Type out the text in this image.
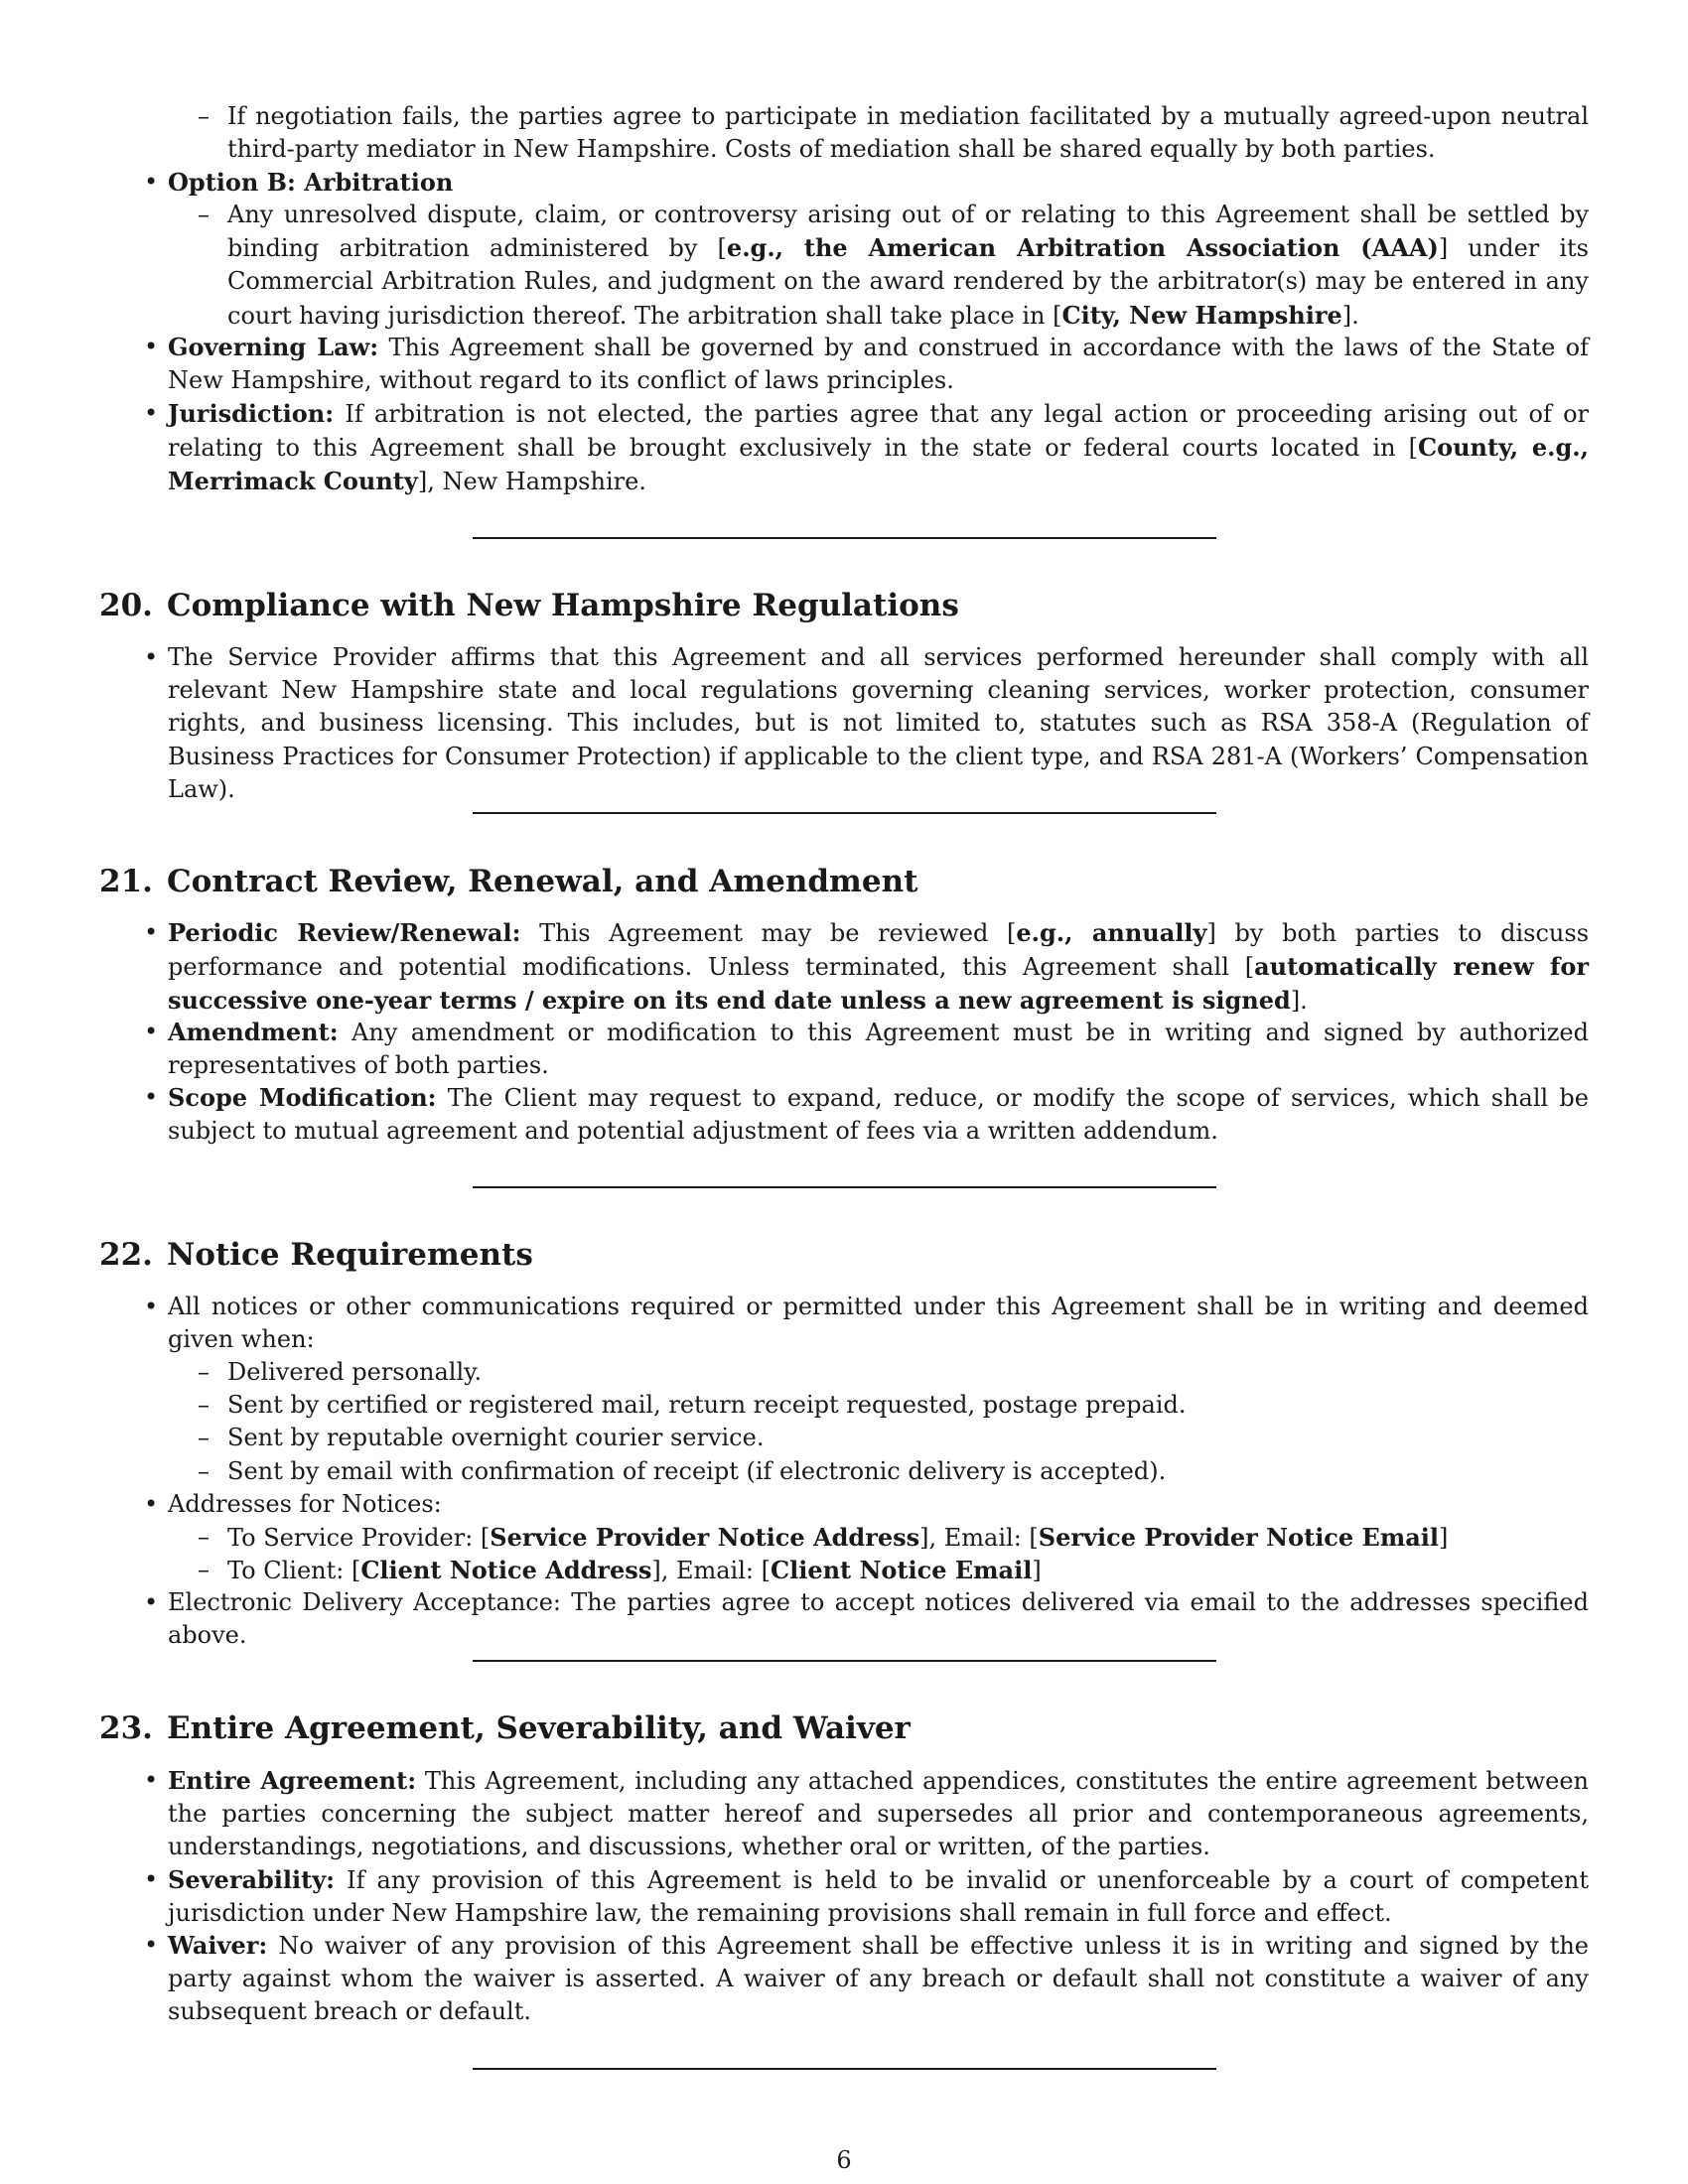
– If negotiation fails, the parties agree to participate in mediation facilitated by a mutually agreed-upon neutral third-party mediator in New Hampshire. Costs of mediation shall be shared equally by both parties.
• Option B: Arbitration
– Any unresolved dispute, claim, or controversy arising out of or relating to this Agreement shall be settled by binding arbitration administered by [e.g., the American Arbitration Association (AAA)] under its Commercial Arbitration Rules, and judgment on the award rendered by the arbitrator(s) may be entered in any court having jurisdiction thereof. The arbitration shall take place in [City, New Hampshire].
• Governing Law: This Agreement shall be governed by and construed in accordance with the laws of the State of New Hampshire, without regard to its conflict of laws principles.
• Jurisdiction: If arbitration is not elected, the parties agree that any legal action or proceeding arising out of or relating to this Agreement shall be brought exclusively in the state or federal courts located in [County, e.g., Merrimack County], New Hampshire.
20. Compliance with New Hampshire Regulations
• The Service Provider affirms that this Agreement and all services performed hereunder shall comply with all relevant New Hampshire state and local regulations governing cleaning services, worker protection, consumer rights, and business licensing. This includes, but is not limited to, statutes such as RSA 358-A (Regulation of Business Practices for Consumer Protection) if applicable to the client type, and RSA 281-A (Workers’ Compensation Law).
21. Contract Review, Renewal, and Amendment
• Periodic Review/Renewal: This Agreement may be reviewed [e.g., annually] by both parties to discuss performance and potential modifications. Unless terminated, this Agreement shall [automatically renew for successive one-year terms / expire on its end date unless a new agreement is signed].
• Amendment: Any amendment or modification to this Agreement must be in writing and signed by authorized representatives of both parties.
• Scope Modification: The Client may request to expand, reduce, or modify the scope of services, which shall be subject to mutual agreement and potential adjustment of fees via a written addendum.
22. Notice Requirements
• All notices or other communications required or permitted under this Agreement shall be in writing and deemed given when:
– Delivered personally.
– Sent by certified or registered mail, return receipt requested, postage prepaid.
– Sent by reputable overnight courier service.
– Sent by email with confirmation of receipt (if electronic delivery is accepted).
• Addresses for Notices:
– To Service Provider: [Service Provider Notice Address], Email: [Service Provider Notice Email]
– To Client: [Client Notice Address], Email: [Client Notice Email]
• Electronic Delivery Acceptance: The parties agree to accept notices delivered via email to the addresses specified above.
23. Entire Agreement, Severability, and Waiver
• Entire Agreement: This Agreement, including any attached appendices, constitutes the entire agreement between the parties concerning the subject matter hereof and supersedes all prior and contemporaneous agreements, understandings, negotiations, and discussions, whether oral or written, of the parties.
• Severability: If any provision of this Agreement is held to be invalid or unenforceable by a court of competent jurisdiction under New Hampshire law, the remaining provisions shall remain in full force and effect.
• Waiver: No waiver of any provision of this Agreement shall be effective unless it is in writing and signed by the party against whom the waiver is asserted. A waiver of any breach or default shall not constitute a waiver of any subsequent breach or default.
6
